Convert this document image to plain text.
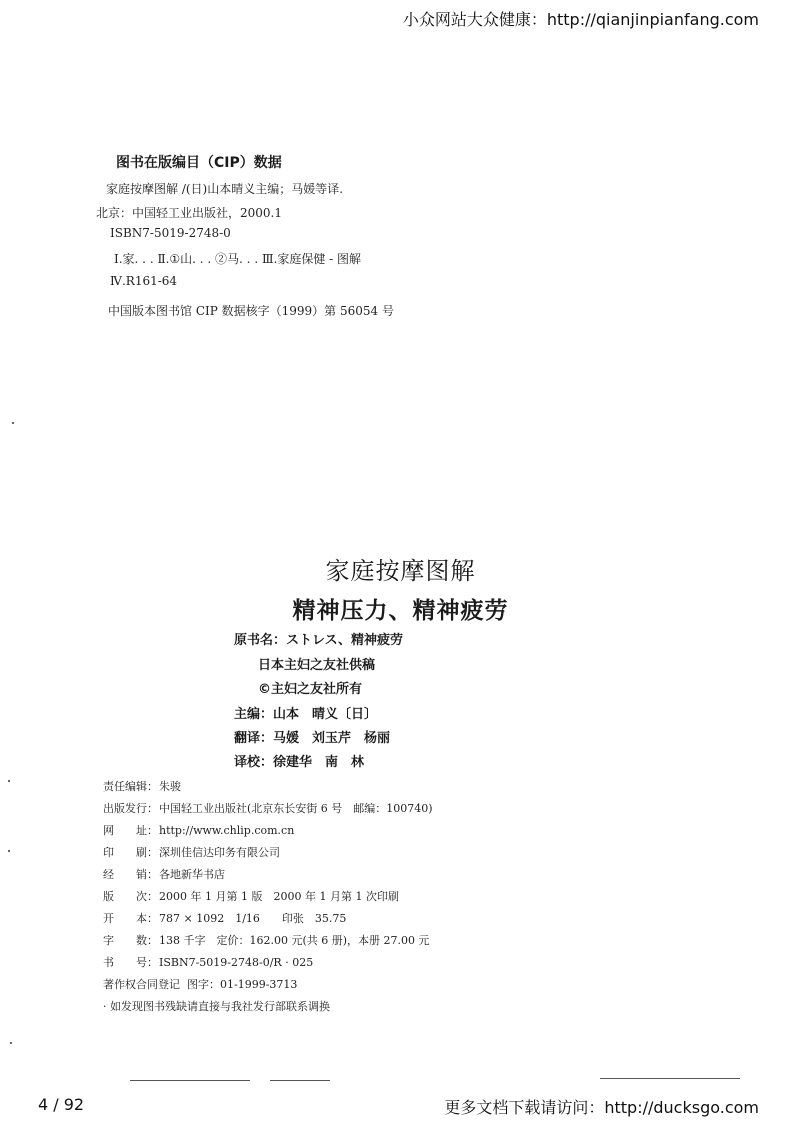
小众网站大众健康：http://qianjinpianfang.com
图书在版编目（CIP）数据
家庭按摩图解 /(日)山本晴义主编；马媛等译.
北京：中国轻工业出版社，2000.1
ISBN7-5019-2748-0
Ⅰ.家. . . Ⅱ.①山. . . ②马. . . Ⅲ.家庭保健 - 图解
Ⅳ.R161-64
中国版本图书馆 CIP 数据核字（1999）第 56054 号
家庭按摩图解
精神压力、精神疲劳
原书名：ストレス、精神疲劳
日本主妇之友社供稿
©主妇之友社所有
主编：山本　晴义〔日〕
翻译：马媛　刘玉芹　杨丽
译校：徐建华　南　林
责任编辑：朱骏
出版发行：中国轻工业出版社(北京东长安街 6 号　邮编：100740)
网　　址：http://www.chlip.com.cn
印　　刷：深圳佳信达印务有限公司
经　　销：各地新华书店
版　　次：2000 年 1 月第 1 版　2000 年 1 月第 1 次印刷
开　　本：787 × 1092　1/16　　印张　35.75
字　　数：138 千字　定价：162.00 元(共 6 册)，本册 27.00 元
书　　号：ISBN7-5019-2748-0/R · 025
著作权合同登记 图字：01-1999-3713
· 如发现图书残缺请直接与我社发行部联系调换
4 / 92	更多文档下载请访问：http://ducksgo.com
